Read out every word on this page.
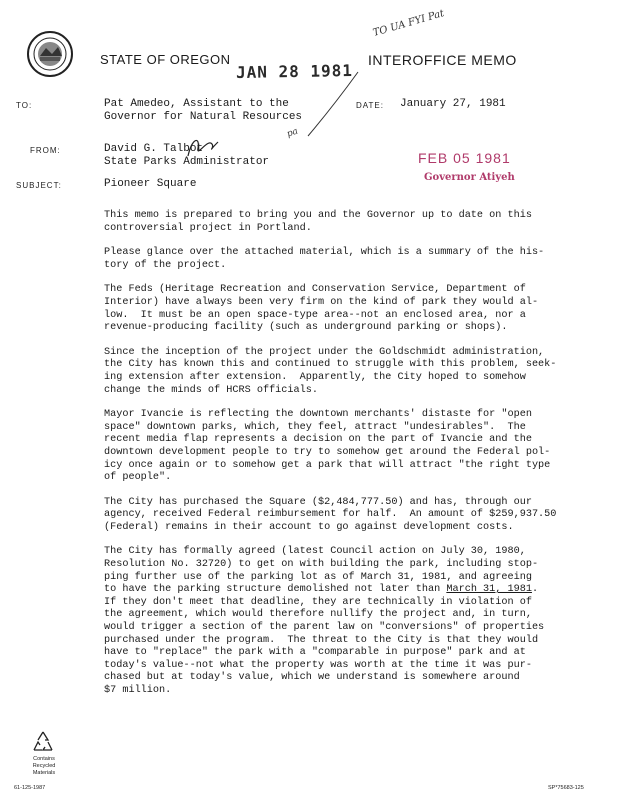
STATE OF OREGON	INTEROFFICE MEMO
JAN 28 1981
TO UA FYI Pat
pa
TO:	Pat Amedeo, Assistant to the
Governor for Natural Resources
DATE: January 27, 1981
FROM:	David G. Talbot
State Parks Administrator	FEB 05 1981
Governor Atiyeh
SUBJECT:	Pioneer Square

This memo is prepared to bring you and the Governor up to date on this
controversial project in Portland.

Please glance over the attached material, which is a summary of the his-
tory of the project.

The Feds (Heritage Recreation and Conservation Service, Department of
Interior) have always been very firm on the kind of park they would al-
low.  It must be an open space-type area--not an enclosed area, nor a
revenue-producing facility (such as underground parking or shops).

Since the inception of the project under the Goldschmidt administration,
the City has known this and continued to struggle with this problem, seek-
ing extension after extension.  Apparently, the City hoped to somehow
change the minds of HCRS officials.

Mayor Ivancie is reflecting the downtown merchants' distaste for "open
space" downtown parks, which, they feel, attract "undesirables".  The
recent media flap represents a decision on the part of Ivancie and the
downtown development people to try to somehow get around the Federal pol-
icy once again or to somehow get a park that will attract "the right type
of people".

The City has purchased the Square ($2,484,777.50) and has, through our
agency, received Federal reimbursement for half.  An amount of $259,937.50
(Federal) remains in their account to go against development costs.

The City has formally agreed (latest Council action on July 30, 1980,
Resolution No. 32720) to get on with building the park, including stop-
ping further use of the parking lot as of March 31, 1981, and agreeing
to have the parking structure demolished not later than March 31, 1981.
If they don't meet that deadline, they are technically in violation of
the agreement, which would therefore nullify the project and, in turn,
would trigger a section of the parent law on "conversions" of properties
purchased under the program.  The threat to the City is that they would
have to "replace" the park with a "comparable in purpose" park and at
today's value--not what the property was worth at the time it was pur-
chased but at today's value, which we understand is somewhere around
$7 million.

Contains Recycled Materials
61-125-1987	SP*75683-125
